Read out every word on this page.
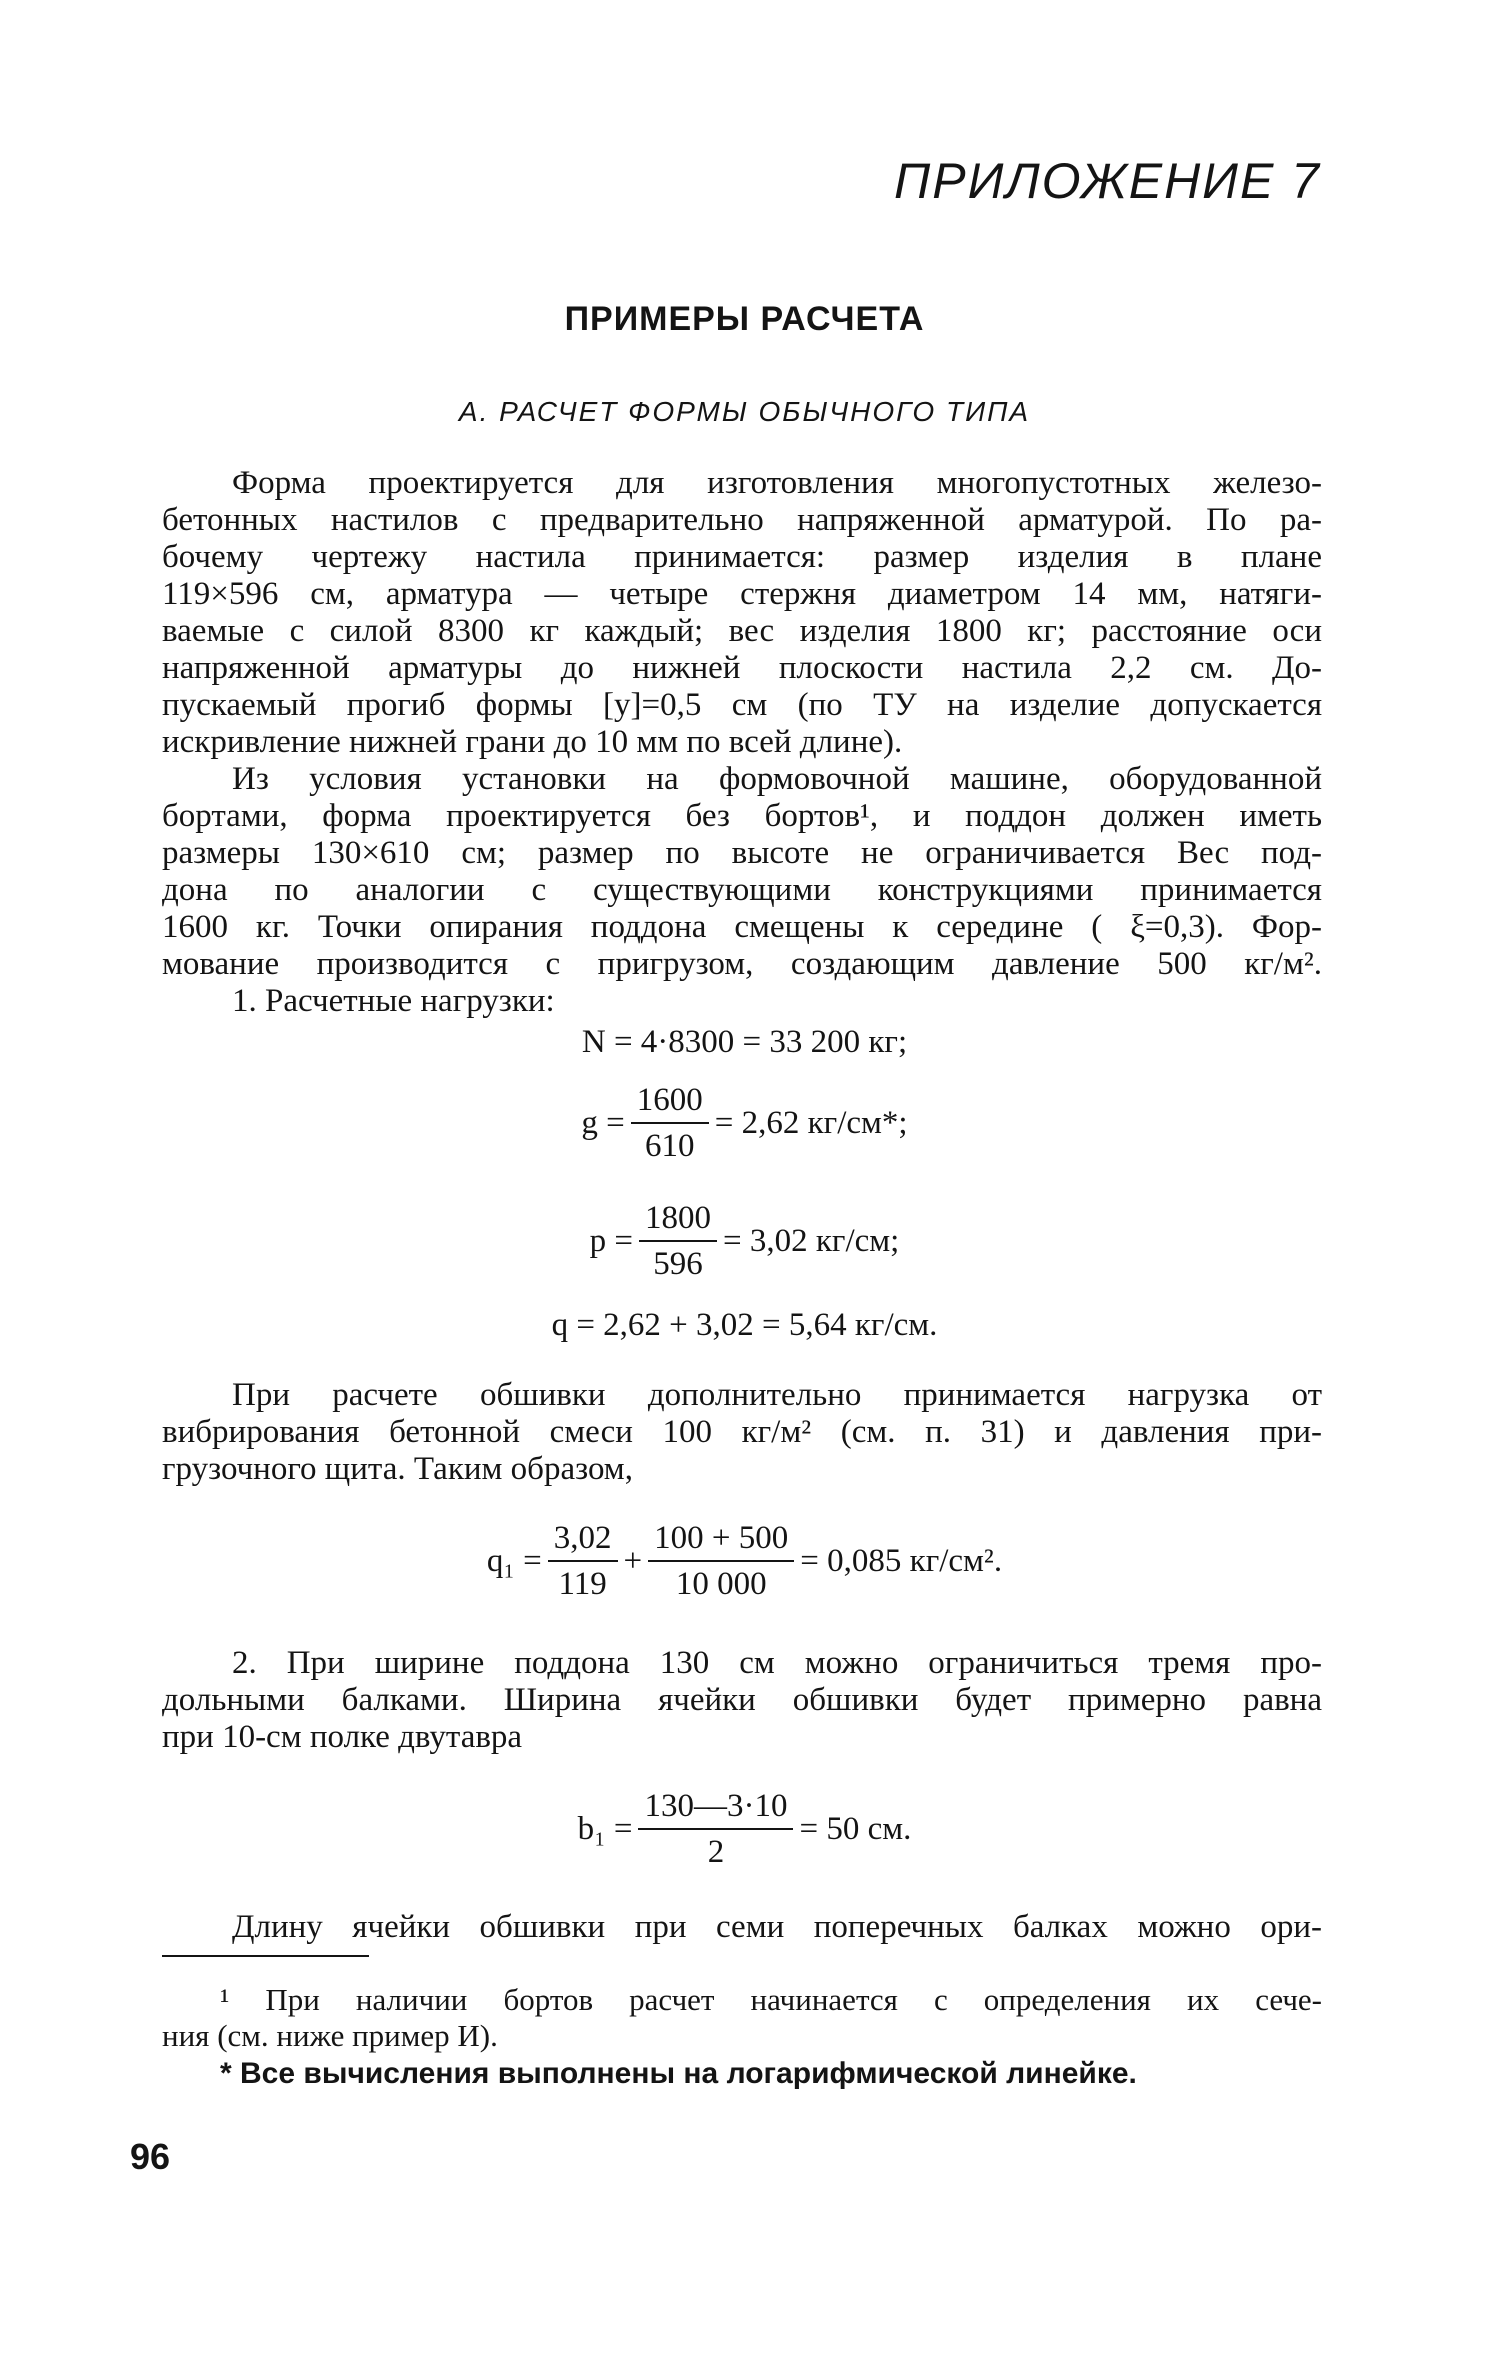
ПРИЛОЖЕНИЕ 7
ПРИМЕРЫ РАСЧЕТА
А. РАСЧЕТ ФОРМЫ ОБЫЧНОГО ТИПА
Форма проектируется для изготовления многопустотных железо-
бетонных настилов с предварительно напряженной арматурой. По ра-
бочему чертежу настила принимается: размер изделия в плане
119×596 см, арматура — четыре стержня диаметром 14 мм, натяги-
ваемые с силой 8300 кг каждый; вес изделия 1800 кг; расстояние оси
напряженной арматуры до нижней плоскости настила 2,2 см. До-
пускаемый прогиб формы [y]=0,5 см (по ТУ на изделие допускается
искривление нижней грани до 10 мм по всей длине).
Из условия установки на формовочной машине, оборудованной
бортами, форма проектируется без бортов¹, и поддон должен иметь
размеры 130×610 см; размер по высоте не ограничивается Вес под-
дона по аналогии с существующими конструкциями принимается
1600 кг. Точки опирания поддона смещены к середине ( ξ=0,3). Фор-
мование производится с пригрузом, создающим давление 500 кг/м².
1. Расчетные нагрузки:
N = 4·8300 = 33 200 кг;
$g = \frac{1600}{610} = 2,62$ кг/см*;
$p = \frac{1800}{596} = 3,02$ кг/см;
q = 2,62 + 3,02 = 5,64 кг/см.
При расчете обшивки дополнительно принимается нагрузка от
вибрирования бетонной смеси 100 кг/м² (см. п. 31) и давления при-
грузочного щита. Таким образом,
$q_1 = \frac{3,02}{119} + \frac{100 + 500}{10 000} = 0,085$ кг/см².
2. При ширине поддона 130 см можно ограничиться тремя про-
дольными балками. Ширина ячейки обшивки будет примерно равна
при 10-см полке двутавра
$b_1 = \frac{130—3\cdot 10}{2} = 50$ см.
Длину ячейки обшивки при семи поперечных балках можно ори-
¹ При наличии бортов расчет начинается с определения их сече-
ния (см. ниже пример И).
* Все вычисления выполнены на логарифмической линейке.
96
